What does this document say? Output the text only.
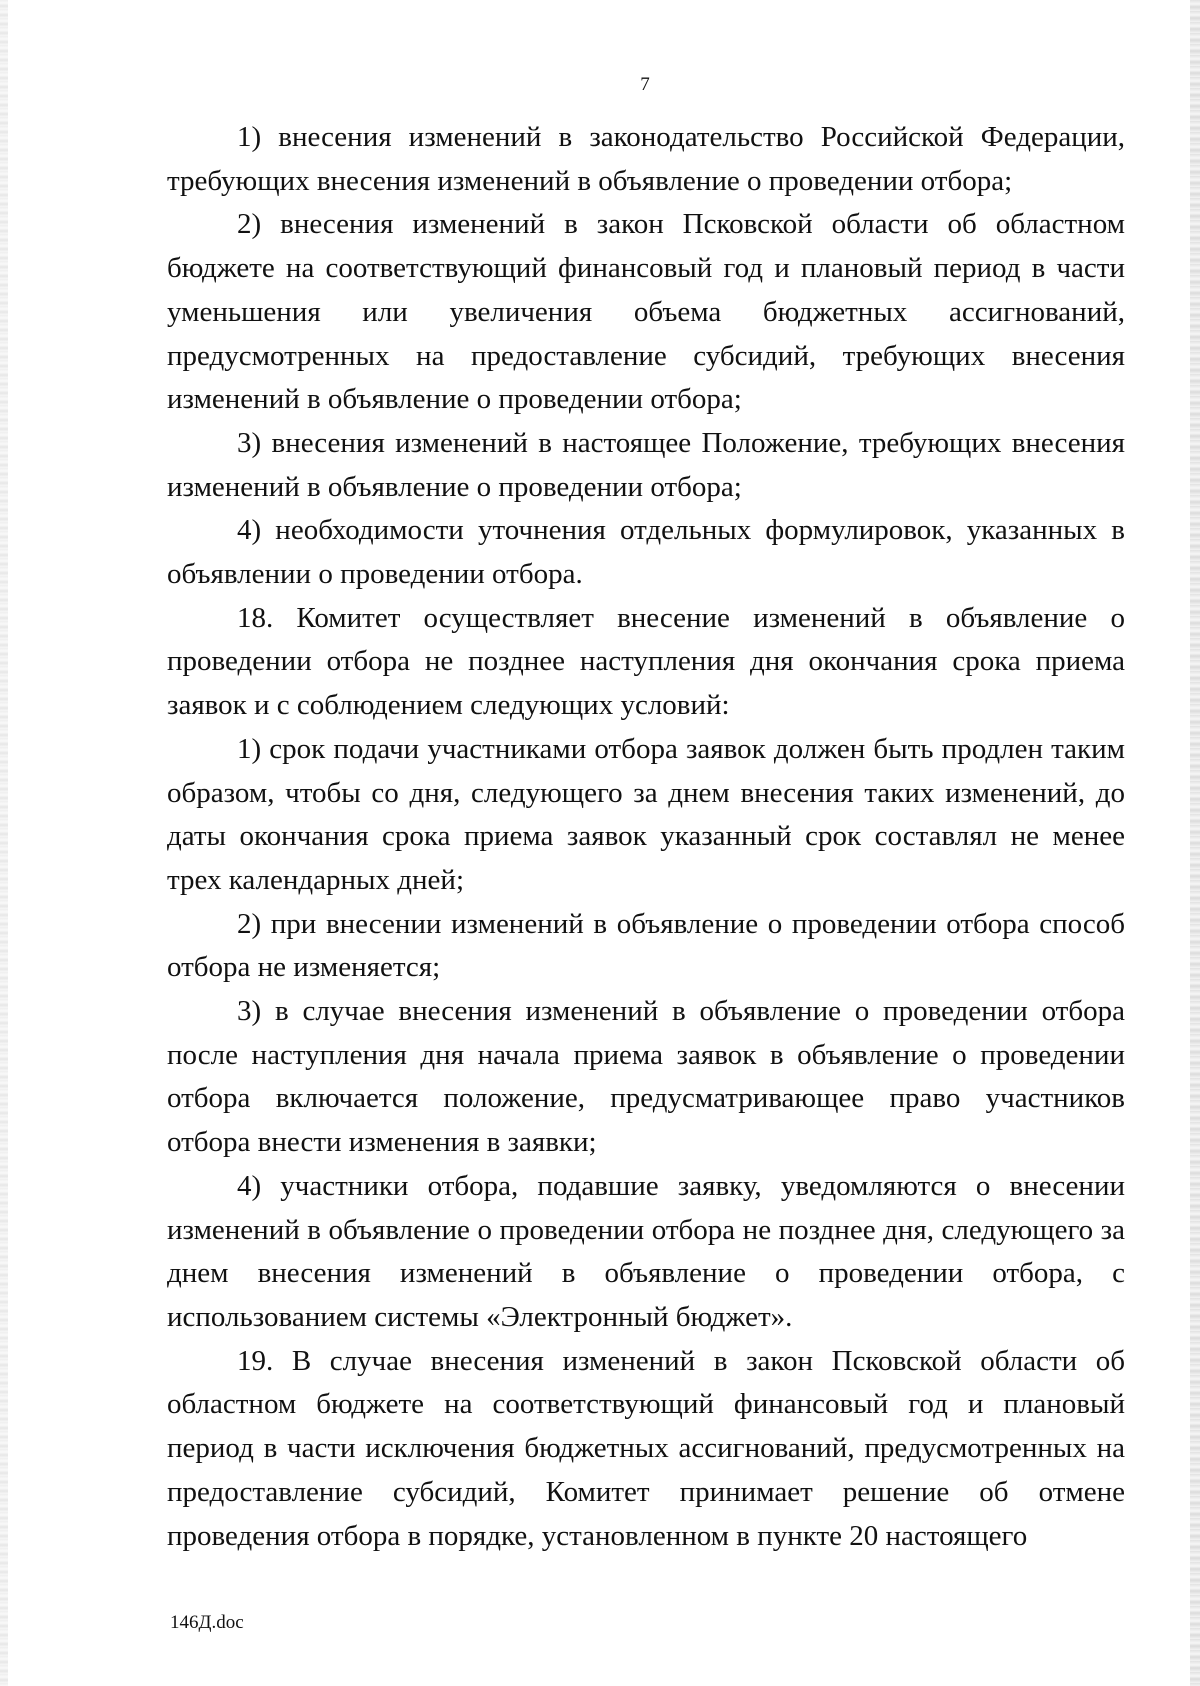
7

1) внесения изменений в законодательство Российской Федерации, требующих внесения изменений в объявление о проведении отбора;

2) внесения изменений в закон Псковской области об областном бюджете на соответствующий финансовый год и плановый период в части уменьшения или увеличения объема бюджетных ассигнований, предусмотренных на предоставление субсидий, требующих внесения изменений в объявление о проведении отбора;

3) внесения изменений в настоящее Положение, требующих внесения изменений в объявление о проведении отбора;

4) необходимости уточнения отдельных формулировок, указанных в объявлении о проведении отбора.

18. Комитет осуществляет внесение изменений в объявление о проведении отбора не позднее наступления дня окончания срока приема заявок и с соблюдением следующих условий:

1) срок подачи участниками отбора заявок должен быть продлен таким образом, чтобы со дня, следующего за днем внесения таких изменений, до даты окончания срока приема заявок указанный срок составлял не менее трех календарных дней;

2) при внесении изменений в объявление о проведении отбора способ отбора не изменяется;

3) в случае внесения изменений в объявление о проведении отбора после наступления дня начала приема заявок в объявление о проведении отбора включается положение, предусматривающее право участников отбора внести изменения в заявки;

4) участники отбора, подавшие заявку, уведомляются о внесении изменений в объявление о проведении отбора не позднее дня, следующего за днем внесения изменений в объявление о проведении отбора, с использованием системы «Электронный бюджет».

19. В случае внесения изменений в закон Псковской области об областном бюджете на соответствующий финансовый год и плановый период в части исключения бюджетных ассигнований, предусмотренных на предоставление субсидий, Комитет принимает решение об отмене проведения отбора в порядке, установленном в пункте 20 настоящего

146Д.doc
